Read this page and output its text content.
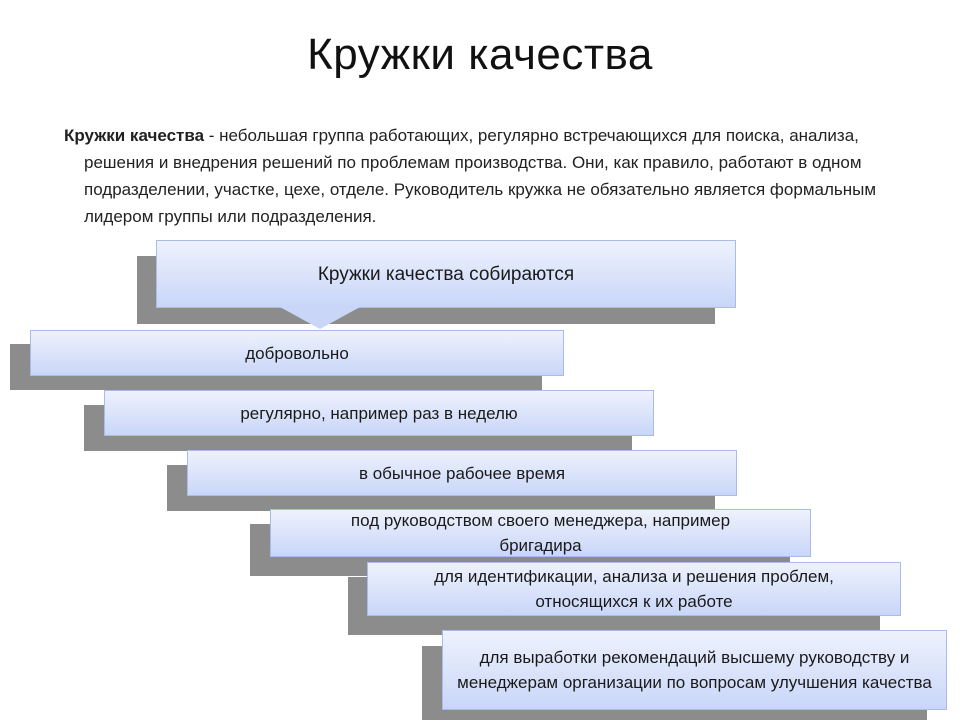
Кружки качества
Кружки качества - небольшая группа работающих, регулярно встречающихся для поиска, анализа, решения и внедрения решений по проблемам производства. Они, как правило, работают в одном подразделении, участке, цехе, отделе. Руководитель кружка не обязательно является формальным лидером группы или подразделения.
Кружки качества собираются
добровольно
регулярно, например раз в неделю
в обычное рабочее время
под руководством своего менеджера, например бригадира
для идентификации, анализа и решения проблем, относящихся к их работе
для выработки рекомендаций высшему руководству и менеджерам организации по вопросам улучшения качества
